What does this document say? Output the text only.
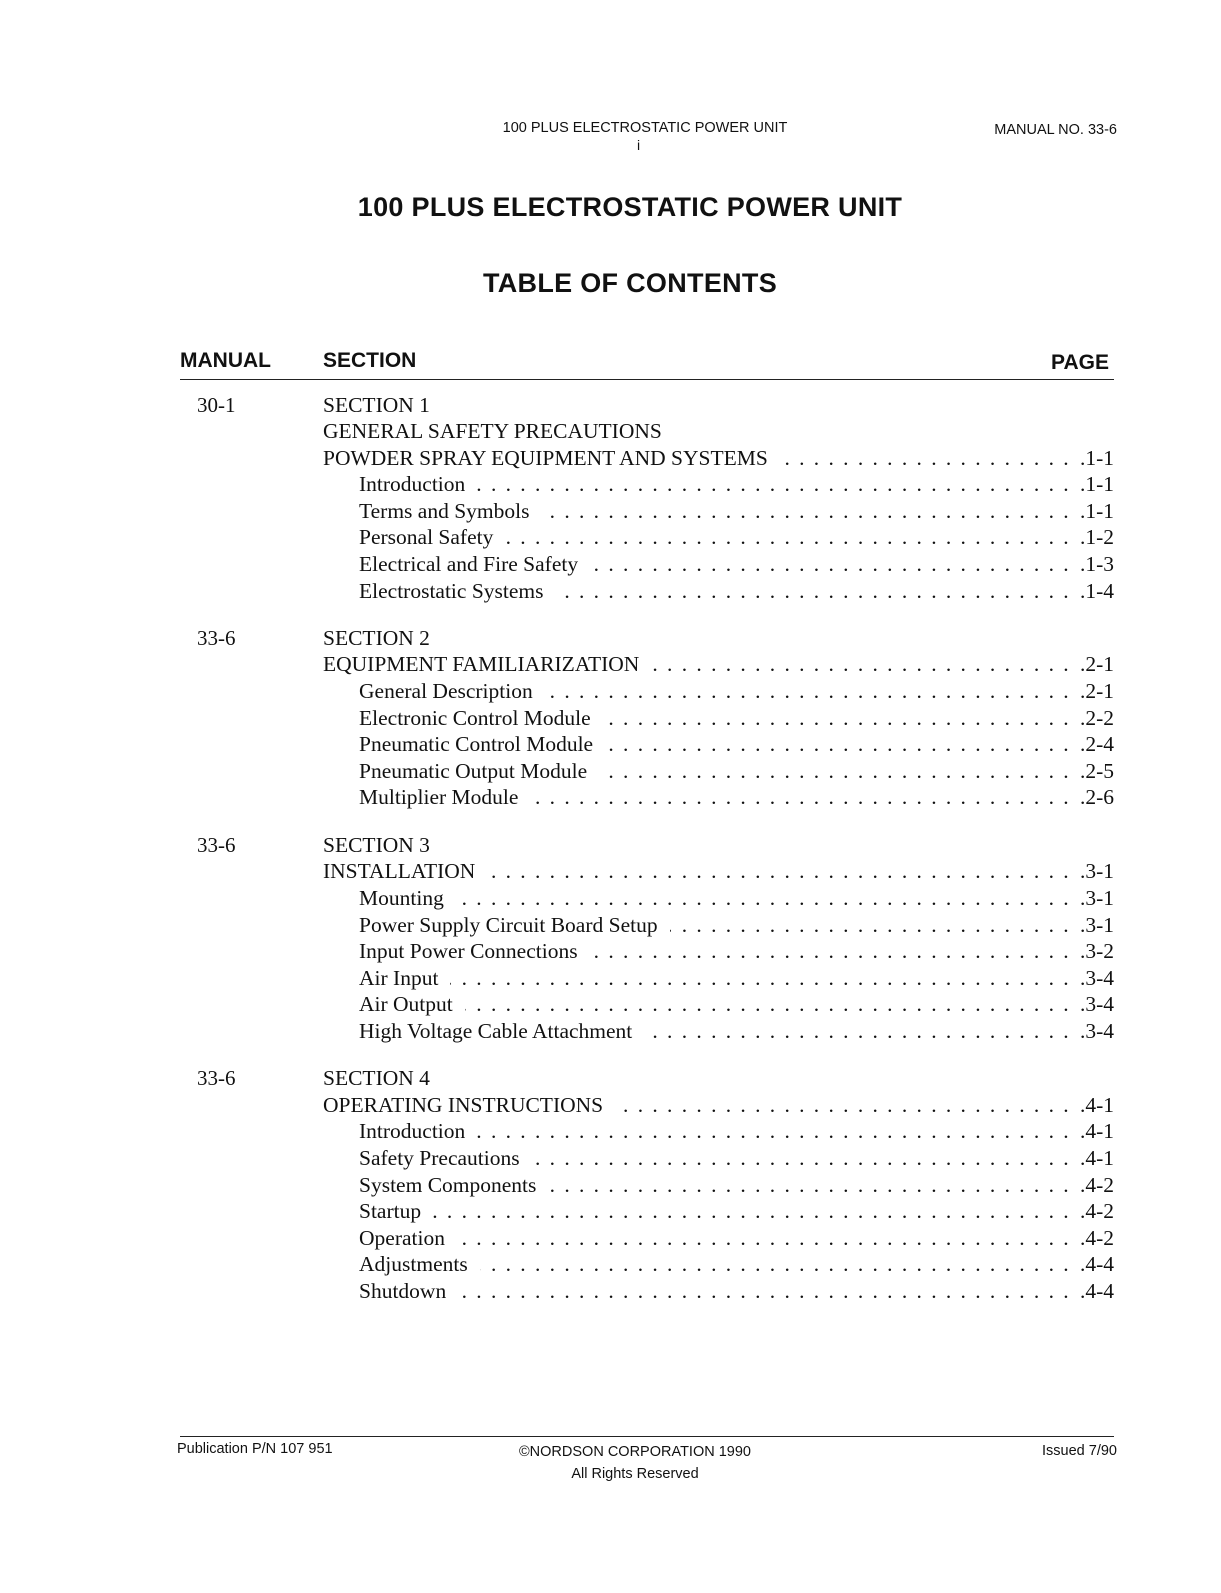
100 PLUS ELECTROSTATIC POWER UNIT
i
MANUAL NO. 33-6
100 PLUS ELECTROSTATIC POWER UNIT
TABLE OF CONTENTS
MANUAL SECTION	PAGE
30-1	SECTION 1
GENERAL SAFETY PRECAUTIONS
POWDER SPRAY EQUIPMENT AND SYSTEMS .....	.1-1
Introduction .....	.1-1
Terms and Symbols .....	.1-1
Personal Safety .....	.1-2
Electrical and Fire Safety .....	.1-3
Electrostatic Systems .....	.1-4
33-6	SECTION 2
EQUIPMENT FAMILIARIZATION .....	.2-1
General Description .....	.2-1
Electronic Control Module .....	.2-2
Pneumatic Control Module .....	.2-4
Pneumatic Output Module .....	.2-5
Multiplier Module .....	.2-6
33-6	SECTION 3
INSTALLATION .....	.3-1
Mounting .....	.3-1
Power Supply Circuit Board Setup .....	.3-1
Input Power Connections .....	.3-2
Air Input .....	.3-4
Air Output .....	.3-4
High Voltage Cable Attachment .....	.3-4
33-6	SECTION 4
OPERATING INSTRUCTIONS .....	.4-1
Introduction .....	.4-1
Safety Precautions .....	.4-1
System Components .....	.4-2
Startup .....	.4-2
Operation .....	.4-2
Adjustments .....	.4-4
Shutdown .....	.4-4
Publication P/N 107 951	©NORDSON CORPORATION 1990
All Rights Reserved
Issued 7/90
